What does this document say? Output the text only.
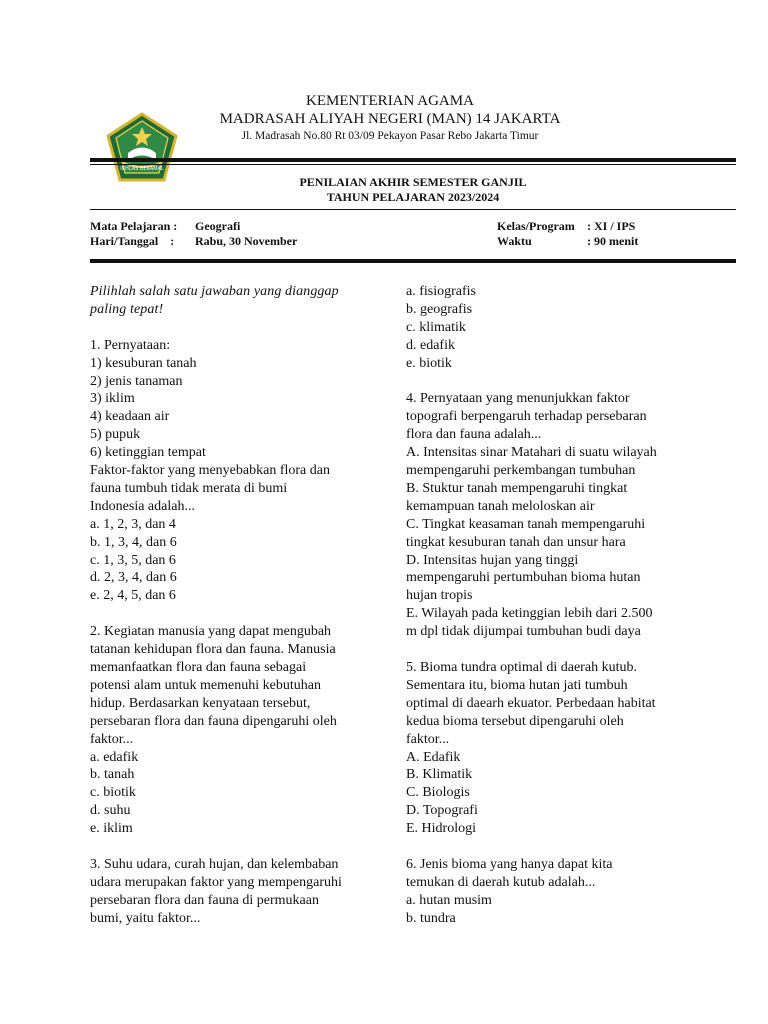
IKHLAS BERAMAL
KEMENTERIAN AGAMA
MADRASAH ALIYAH NEGERI (MAN) 14 JAKARTA
Jl. Madrasah No.80 Rt 03/09 Pekayon Pasar Rebo Jakarta Timur
PENILAIAN AKHIR SEMESTER GANJIL
TAHUN PELAJARAN 2023/2024
Mata Pelajaran : Geografi
Hari/Tanggal    : Rabu, 30 November
Kelas/Program : XI / IPS
Waktu	: 90 menit
Pilihlah salah satu jawaban yang dianggap
paling tepat!
1. Pernyataan:
1) kesuburan tanah
2) jenis tanaman
3) iklim
4) keadaan air
5) pupuk
6) ketinggian tempat
Faktor-faktor yang menyebabkan flora dan
fauna tumbuh tidak merata di bumi
Indonesia adalah...
a. 1, 2, 3, dan 4
b. 1, 3, 4, dan 6
c. 1, 3, 5, dan 6
d. 2, 3, 4, dan 6
e. 2, 4, 5, dan 6
2. Kegiatan manusia yang dapat mengubah
tatanan kehidupan flora dan fauna. Manusia
memanfaatkan flora dan fauna sebagai
potensi alam untuk memenuhi kebutuhan
hidup. Berdasarkan kenyataan tersebut,
persebaran flora dan fauna dipengaruhi oleh
faktor...
a. edafik
b. tanah
c. biotik
d. suhu
e. iklim
3. Suhu udara, curah hujan, dan kelembaban
udara merupakan faktor yang mempengaruhi
persebaran flora dan fauna di permukaan
bumi, yaitu faktor...
a. fisiografis
b. geografis
c. klimatik
d. edafik
e. biotik
4. Pernyataan yang menunjukkan faktor
topografi berpengaruh terhadap persebaran
flora dan fauna adalah...
A. Intensitas sinar Matahari di suatu wilayah
mempengaruhi perkembangan tumbuhan
B. Stuktur tanah mempengaruhi tingkat
kemampuan tanah meloloskan air
C. Tingkat keasaman tanah mempengaruhi
tingkat kesuburan tanah dan unsur hara
D. Intensitas hujan yang tinggi
mempengaruhi pertumbuhan bioma hutan
hujan tropis
E. Wilayah pada ketinggian lebih dari 2.500
m dpl tidak dijumpai tumbuhan budi daya
5. Bioma tundra optimal di daerah kutub.
Sementara itu, bioma hutan jati tumbuh
optimal di daearh ekuator. Perbedaan habitat
kedua bioma tersebut dipengaruhi oleh
faktor...
A. Edafik
B. Klimatik
C. Biologis
D. Topografi
E. Hidrologi
6. Jenis bioma yang hanya dapat kita
temukan di daerah kutub adalah...
a. hutan musim
b. tundra
